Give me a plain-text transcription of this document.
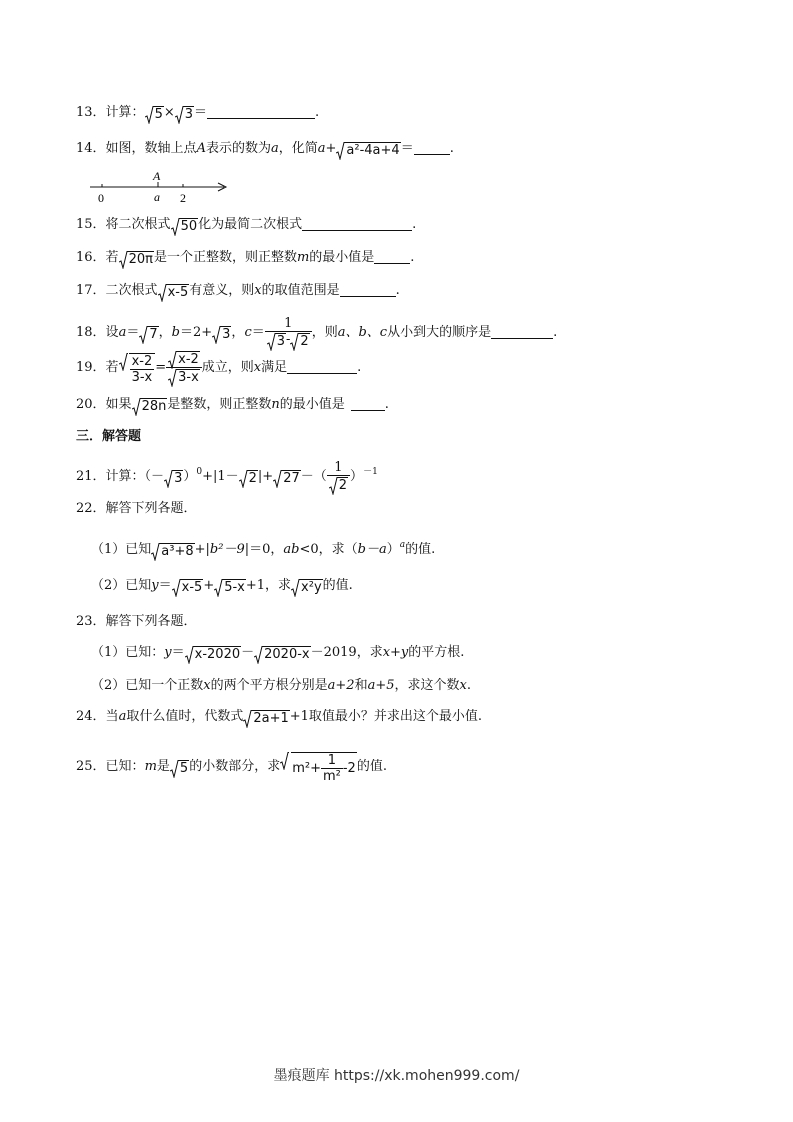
13．计算： 5× 3＝	.
14．如图，数轴上点A表示的数为a，化简a+ a²-4a+4＝	.
A
0	a 2
15．将二次根式 50化为最简二次根式	.
16．若 20π是一个正整数，则正整数m的最小值是	.
17．二次根式 x-5有意义，则x的取值范围是	.
18．设a＝ 7，b＝2+ 3，$c= \frac{1}{3- 2}$ ，则a、b、c从小到大的顺序是	.
19．若 $\frac{x-2}{3-x} = \frac{x-2}{3-x}$ 成立，则x满足	.
20．如果 28n是整数，则正整数n的最小值是	.
三．解答题
21．计算：（－ $3)^0+|1- 2|+ 27-( \frac{1}{2} )^{-1}$
22．解答下列各题．
（1）已知 a³+8+|b²－9|＝0，ab<0，求$(b-a)^a$的值.
（2）已知y＝ x-5+ 5-x+1，求 x²y的值.
23．解答下列各题．
（1）已知：y＝ x-2020－ 2020-x－2019，求x+y的平方根.
（2）已知一个正数x的两个平方根分别是a+2和a+5，求这个数x.
24．当a取什么值时，代数式 2a+1+1取值最小？并求出这个最小值.
25．已知：m是 5的小数部分，求 $m^2+ \frac{1}{\text{m²}} -2$的值.
墨痕题库 https://xk.mohen999.com/
